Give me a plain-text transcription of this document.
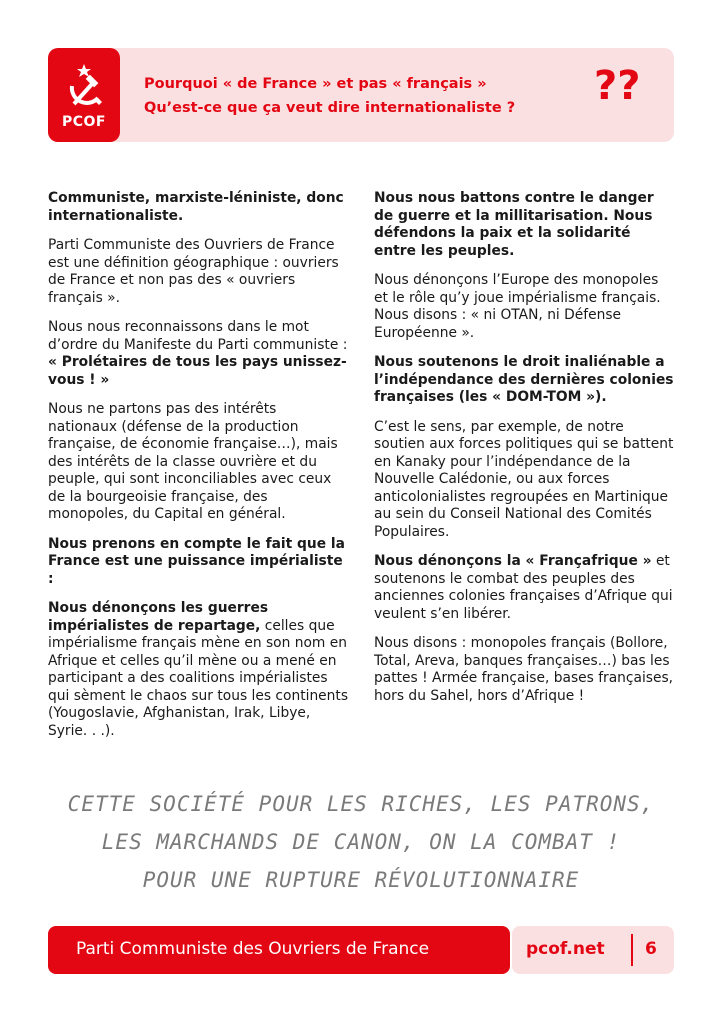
PCOF
Pourquoi « de France » et pas « français »
Qu’est-ce que ça veut dire internationaliste ? ??

Communiste, marxiste-léniniste, donc internationaliste.

Parti Communiste des Ouvriers de France est une définition géographique : ouvriers de France et non pas des « ouvriers français ».

Nous nous reconnaissons dans le mot d’ordre du Manifeste du Parti communiste : « Prolétaires de tous les pays unissez-vous ! »

Nous ne partons pas des intérêts nationaux (défense de la production française, de économie française…), mais des intérêts de la classe ouvrière et du peuple, qui sont inconciliables avec ceux de la bourgeoisie française, des monopoles, du Capital en général.

Nous prenons en compte le fait que la France est une puissance impérialiste :

Nous dénonçons les guerres impérialistes de repartage, celles que impérialisme français mène en son nom en Afrique et celles qu’il mène ou a mené en participant a des coalitions impérialistes qui sèment le chaos sur tous les continents (Yougoslavie, Afghanistan, Irak, Libye, Syrie. . .).

Nous nous battons contre le danger de guerre et la millitarisation. Nous défendons la paix et la solidarité entre les peuples.

Nous dénonçons l’Europe des monopoles et le rôle qu’y joue impérialisme français. Nous disons : « ni OTAN, ni Défense Européenne ».

Nous soutenons le droit inaliénable a l’indépendance des dernières colonies françaises (les « DOM-TOM »).

C’est le sens, par exemple, de notre soutien aux forces politiques qui se battent en Kanaky pour l’indépendance de la Nouvelle Calédonie, ou aux forces anticolonialistes regroupées en Martinique au sein du Conseil National des Comités Populaires.

Nous dénonçons la « Françafrique » et soutenons le combat des peuples des anciennes colonies françaises d’Afrique qui veulent s’en libérer.

Nous disons : monopoles français (Bollore, Total, Areva, banques françaises…) bas les pattes ! Armée française, bases françaises, hors du Sahel, hors d’Afrique !

CETTE SOCIÉTÉ POUR LES RICHES, LES PATRONS,
LES MARCHANDS DE CANON, ON LA COMBAT !
POUR UNE RUPTURE RÉVOLUTIONNAIRE
Parti Communiste des Ouvriers de France	pcof.net 6
